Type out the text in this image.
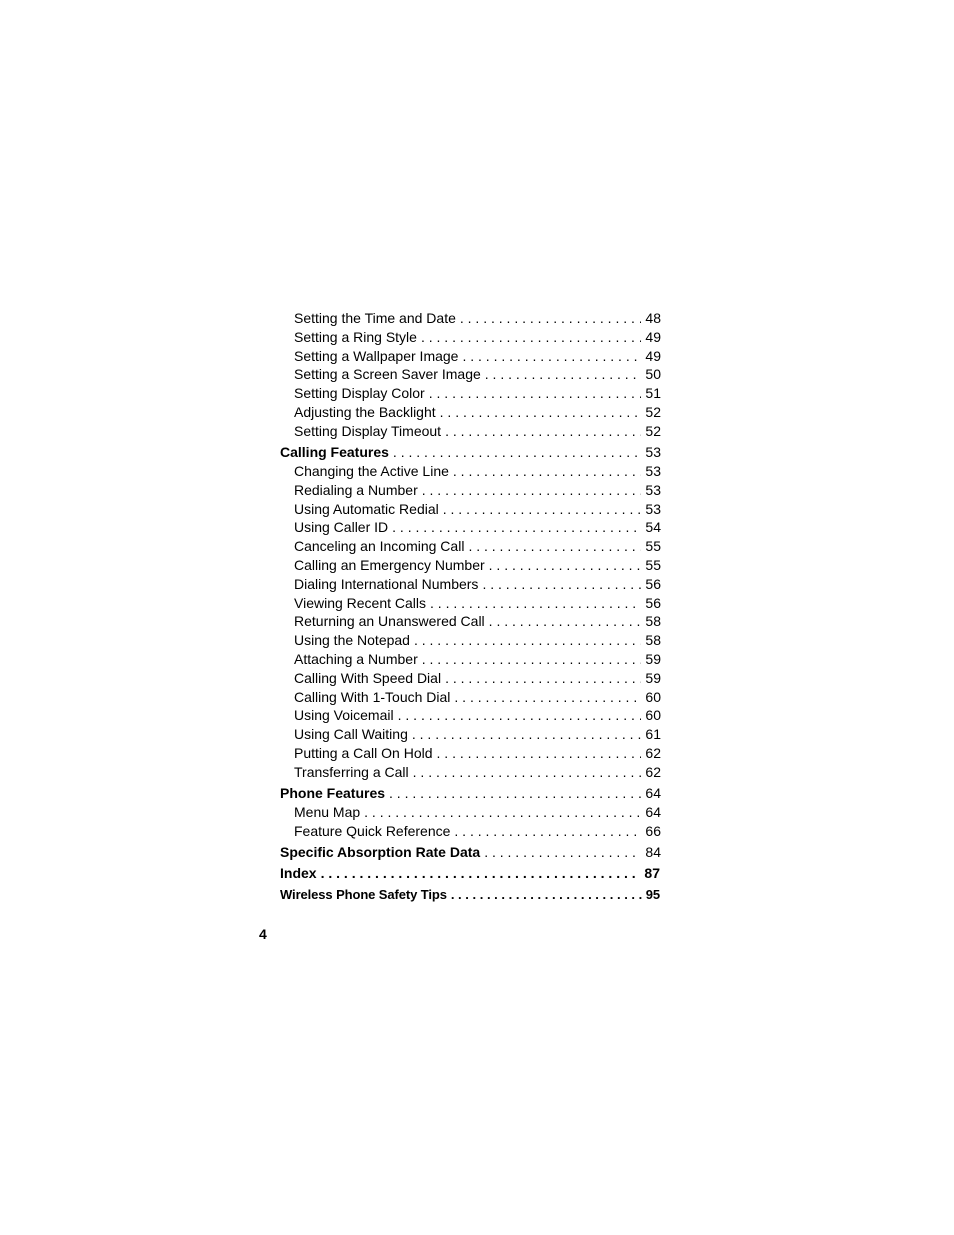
Setting the Time and Date . . .	48
Setting a Ring Style . . .	49
Setting a Wallpaper Image . . .	49
Setting a Screen Saver Image . . .	50
Setting Display Color . . .	51
Adjusting the Backlight . . .	52
Setting Display Timeout . . .	52
Calling Features . . .	53
Changing the Active Line . . .	53
Redialing a Number . . .	53
Using Automatic Redial . . .	53
Using Caller ID . . .	54
Canceling an Incoming Call . . .	55
Calling an Emergency Number . . .	55
Dialing International Numbers . . .	56
Viewing Recent Calls . . .	56
Returning an Unanswered Call . . .	58
Using the Notepad . . .	58
Attaching a Number . . .	59
Calling With Speed Dial . . .	59
Calling With 1-Touch Dial . . .	60
Using Voicemail . . .	60
Using Call Waiting . . .	61
Putting a Call On Hold . . .	62
Transferring a Call . . .	62
Phone Features . . .	64
Menu Map . . .	64
Feature Quick Reference . . .	66
Specific Absorption Rate Data . . .	84
Index . . .	87
Wireless Phone Safety Tips . . .	95
4
